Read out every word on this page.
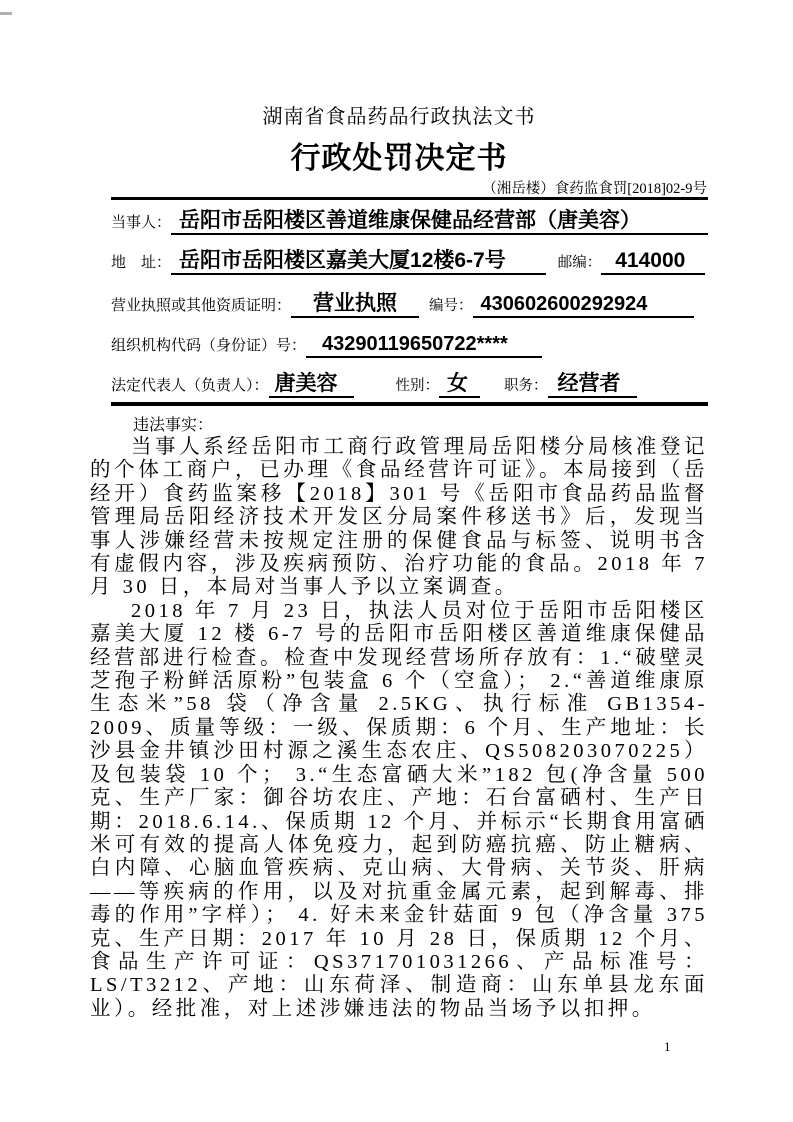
湖南省食品药品行政执法文书
行政处罚决定书
（湘岳楼）食药监食罚[2018]02-9号
当事人： 岳阳市岳阳楼区善道维康保健品经营部（唐美容）
地　址： 岳阳市岳阳楼区嘉美大厦12楼6-7号	邮编： 414000
营业执照或其他资质证明：	营业执照	编号： 430602600292924
组织机构代码（身份证）号： 43290119650722****
法定代表人（负责人）： 唐美容	性别： 女	职务： 经营者
违法事实：

当事人系经岳阳市工商行政管理局岳阳楼分局核准登记的个体工商户，已办理《食品经营许可证》。本局接到（岳经开）食药监案移【2018】301 号《岳阳市食品药品监督管理局岳阳经济技术开发区分局案件移送书》后，发现当事人涉嫌经营未按规定注册的保健食品与标签、说明书含有虚假内容，涉及疾病预防、治疗功能的食品。2018 年 7 月 30 日，本局对当事人予以立案调查。

2018 年 7 月 23 日，执法人员对位于岳阳市岳阳楼区嘉美大厦 12 楼 6-7 号的岳阳市岳阳楼区善道维康保健品经营部进行检查。检查中发现经营场所存放有：1.“破壁灵芝孢子粉鲜活原粉”包装盒 6 个（空盒）； 2.“善道维康原生态米”58 袋（净含量 2.5KG、执行标准 GB1354-2009、质量等级：一级、保质期：6 个月、生产地址：长沙县金井镇沙田村源之溪生态农庄、QS508203070225）及包装袋 10 个； 3.“生态富硒大米”182 包(净含量 500 克、生产厂家：御谷坊农庄、产地：石台富硒村、生产日期：2018.6.14.、保质期 12 个月、并标示“长期食用富硒米可有效的提高人体免疫力，起到防癌抗癌、防止糖病、白内障、心脑血管疾病、克山病、大骨病、关节炎、肝病——等疾病的作用，以及对抗重金属元素，起到解毒、排毒的作用”字样）； 4. 好未来金针菇面 9 包（净含量 375 克、生产日期：2017 年 10 月 28 日，保质期 12 个月、食品生产许可证：QS371701031266、产品标准号：LS/T3212、产地：山东荷泽、制造商：山东单县龙东面业）。经批准，对上述涉嫌违法的物品当场予以扣押。

1
